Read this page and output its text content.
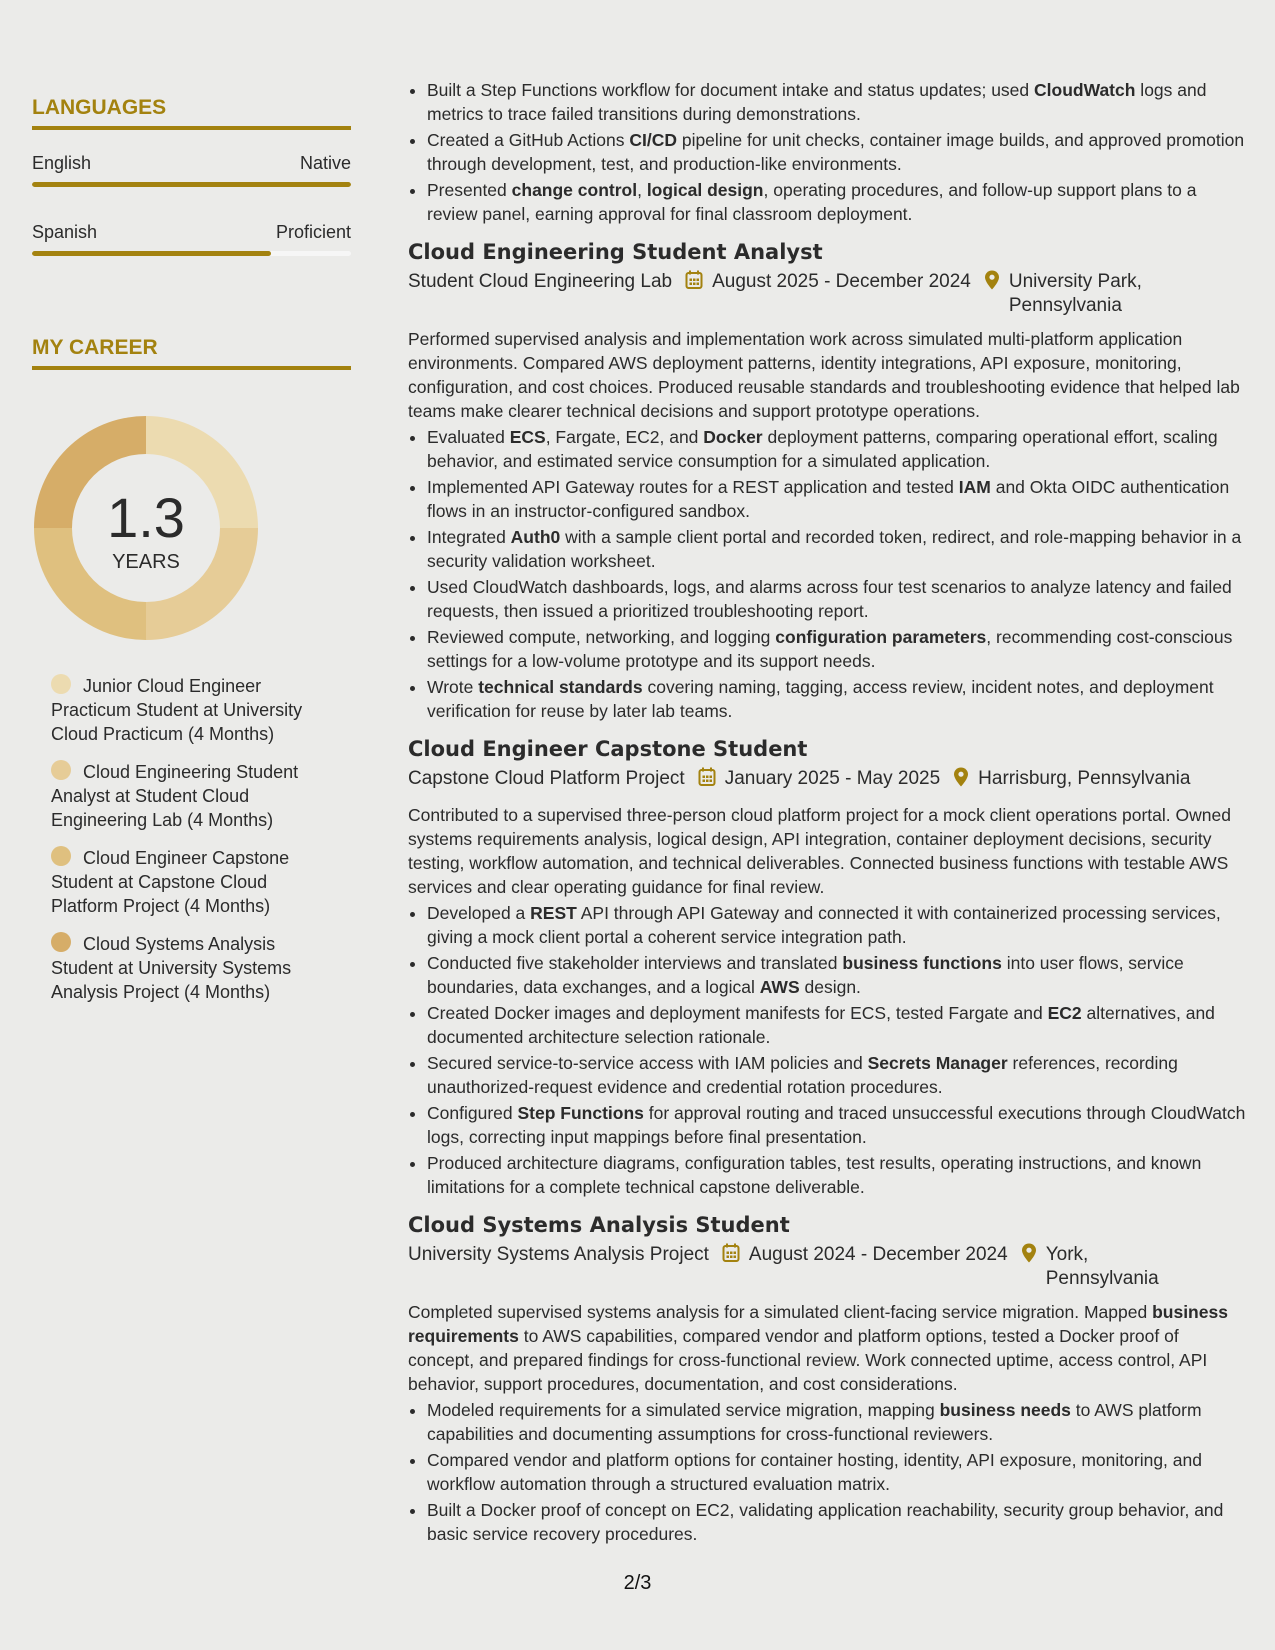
LANGUAGES
English	Native
Spanish	Proficient
MY CAREER
1.3
YEARS
Junior Cloud Engineer Practicum Student at University Cloud Practicum (4 Months)
Cloud Engineering Student Analyst at Student Cloud Engineering Lab (4 Months)
Cloud Engineer Capstone Student at Capstone Cloud Platform Project (4 Months)
Cloud Systems Analysis Student at University Systems Analysis Project (4 Months)
• Built a Step Functions workflow for document intake and status updates; used CloudWatch logs and metrics to trace failed transitions during demonstrations.
• Created a GitHub Actions CI/CD pipeline for unit checks, container image builds, and approved promotion through development, test, and production-like environments.
• Presented change control, logical design, operating procedures, and follow-up support plans to a review panel, earning approval for final classroom deployment.
Cloud Engineering Student Analyst
Student Cloud Engineering Lab August 2025 - December 2024 University Park, Pennsylvania

Performed supervised analysis and implementation work across simulated multi-platform application environments. Compared AWS deployment patterns, identity integrations, API exposure, monitoring, configuration, and cost choices. Produced reusable standards and troubleshooting evidence that helped lab teams make clearer technical decisions and support prototype operations.

• Evaluated ECS, Fargate, EC2, and Docker deployment patterns, comparing operational effort, scaling behavior, and estimated service consumption for a simulated application.
• Implemented API Gateway routes for a REST application and tested IAM and Okta OIDC authentication flows in an instructor-configured sandbox.
• Integrated Auth0 with a sample client portal and recorded token, redirect, and role-mapping behavior in a security validation worksheet.
• Used CloudWatch dashboards, logs, and alarms across four test scenarios to analyze latency and failed requests, then issued a prioritized troubleshooting report.
• Reviewed compute, networking, and logging configuration parameters, recommending cost-conscious settings for a low-volume prototype and its support needs.
• Wrote technical standards covering naming, tagging, access review, incident notes, and deployment verification for reuse by later lab teams.
Cloud Engineer Capstone Student
Capstone Cloud Platform Project January 2025 - May 2025 Harrisburg, Pennsylvania

Contributed to a supervised three-person cloud platform project for a mock client operations portal. Owned systems requirements analysis, logical design, API integration, container deployment decisions, security testing, workflow automation, and technical deliverables. Connected business functions with testable AWS services and clear operating guidance for final review.

• Developed a REST API through API Gateway and connected it with containerized processing services, giving a mock client portal a coherent service integration path.
• Conducted five stakeholder interviews and translated business functions into user flows, service boundaries, data exchanges, and a logical AWS design.
• Created Docker images and deployment manifests for ECS, tested Fargate and EC2 alternatives, and documented architecture selection rationale.
• Secured service-to-service access with IAM policies and Secrets Manager references, recording unauthorized-request evidence and credential rotation procedures.
• Configured Step Functions for approval routing and traced unsuccessful executions through CloudWatch logs, correcting input mappings before final presentation.
• Produced architecture diagrams, configuration tables, test results, operating instructions, and known limitations for a complete technical capstone deliverable.
Cloud Systems Analysis Student
University Systems Analysis Project August 2024 - December 2024 York, Pennsylvania

Completed supervised systems analysis for a simulated client-facing service migration. Mapped business requirements to AWS capabilities, compared vendor and platform options, tested a Docker proof of concept, and prepared findings for cross-functional review. Work connected uptime, access control, API behavior, support procedures, documentation, and cost considerations.

• Modeled requirements for a simulated service migration, mapping business needs to AWS platform capabilities and documenting assumptions for cross-functional reviewers.
• Compared vendor and platform options for container hosting, identity, API exposure, monitoring, and workflow automation through a structured evaluation matrix.
• Built a Docker proof of concept on EC2, validating application reachability, security group behavior, and basic service recovery procedures.
2/3
